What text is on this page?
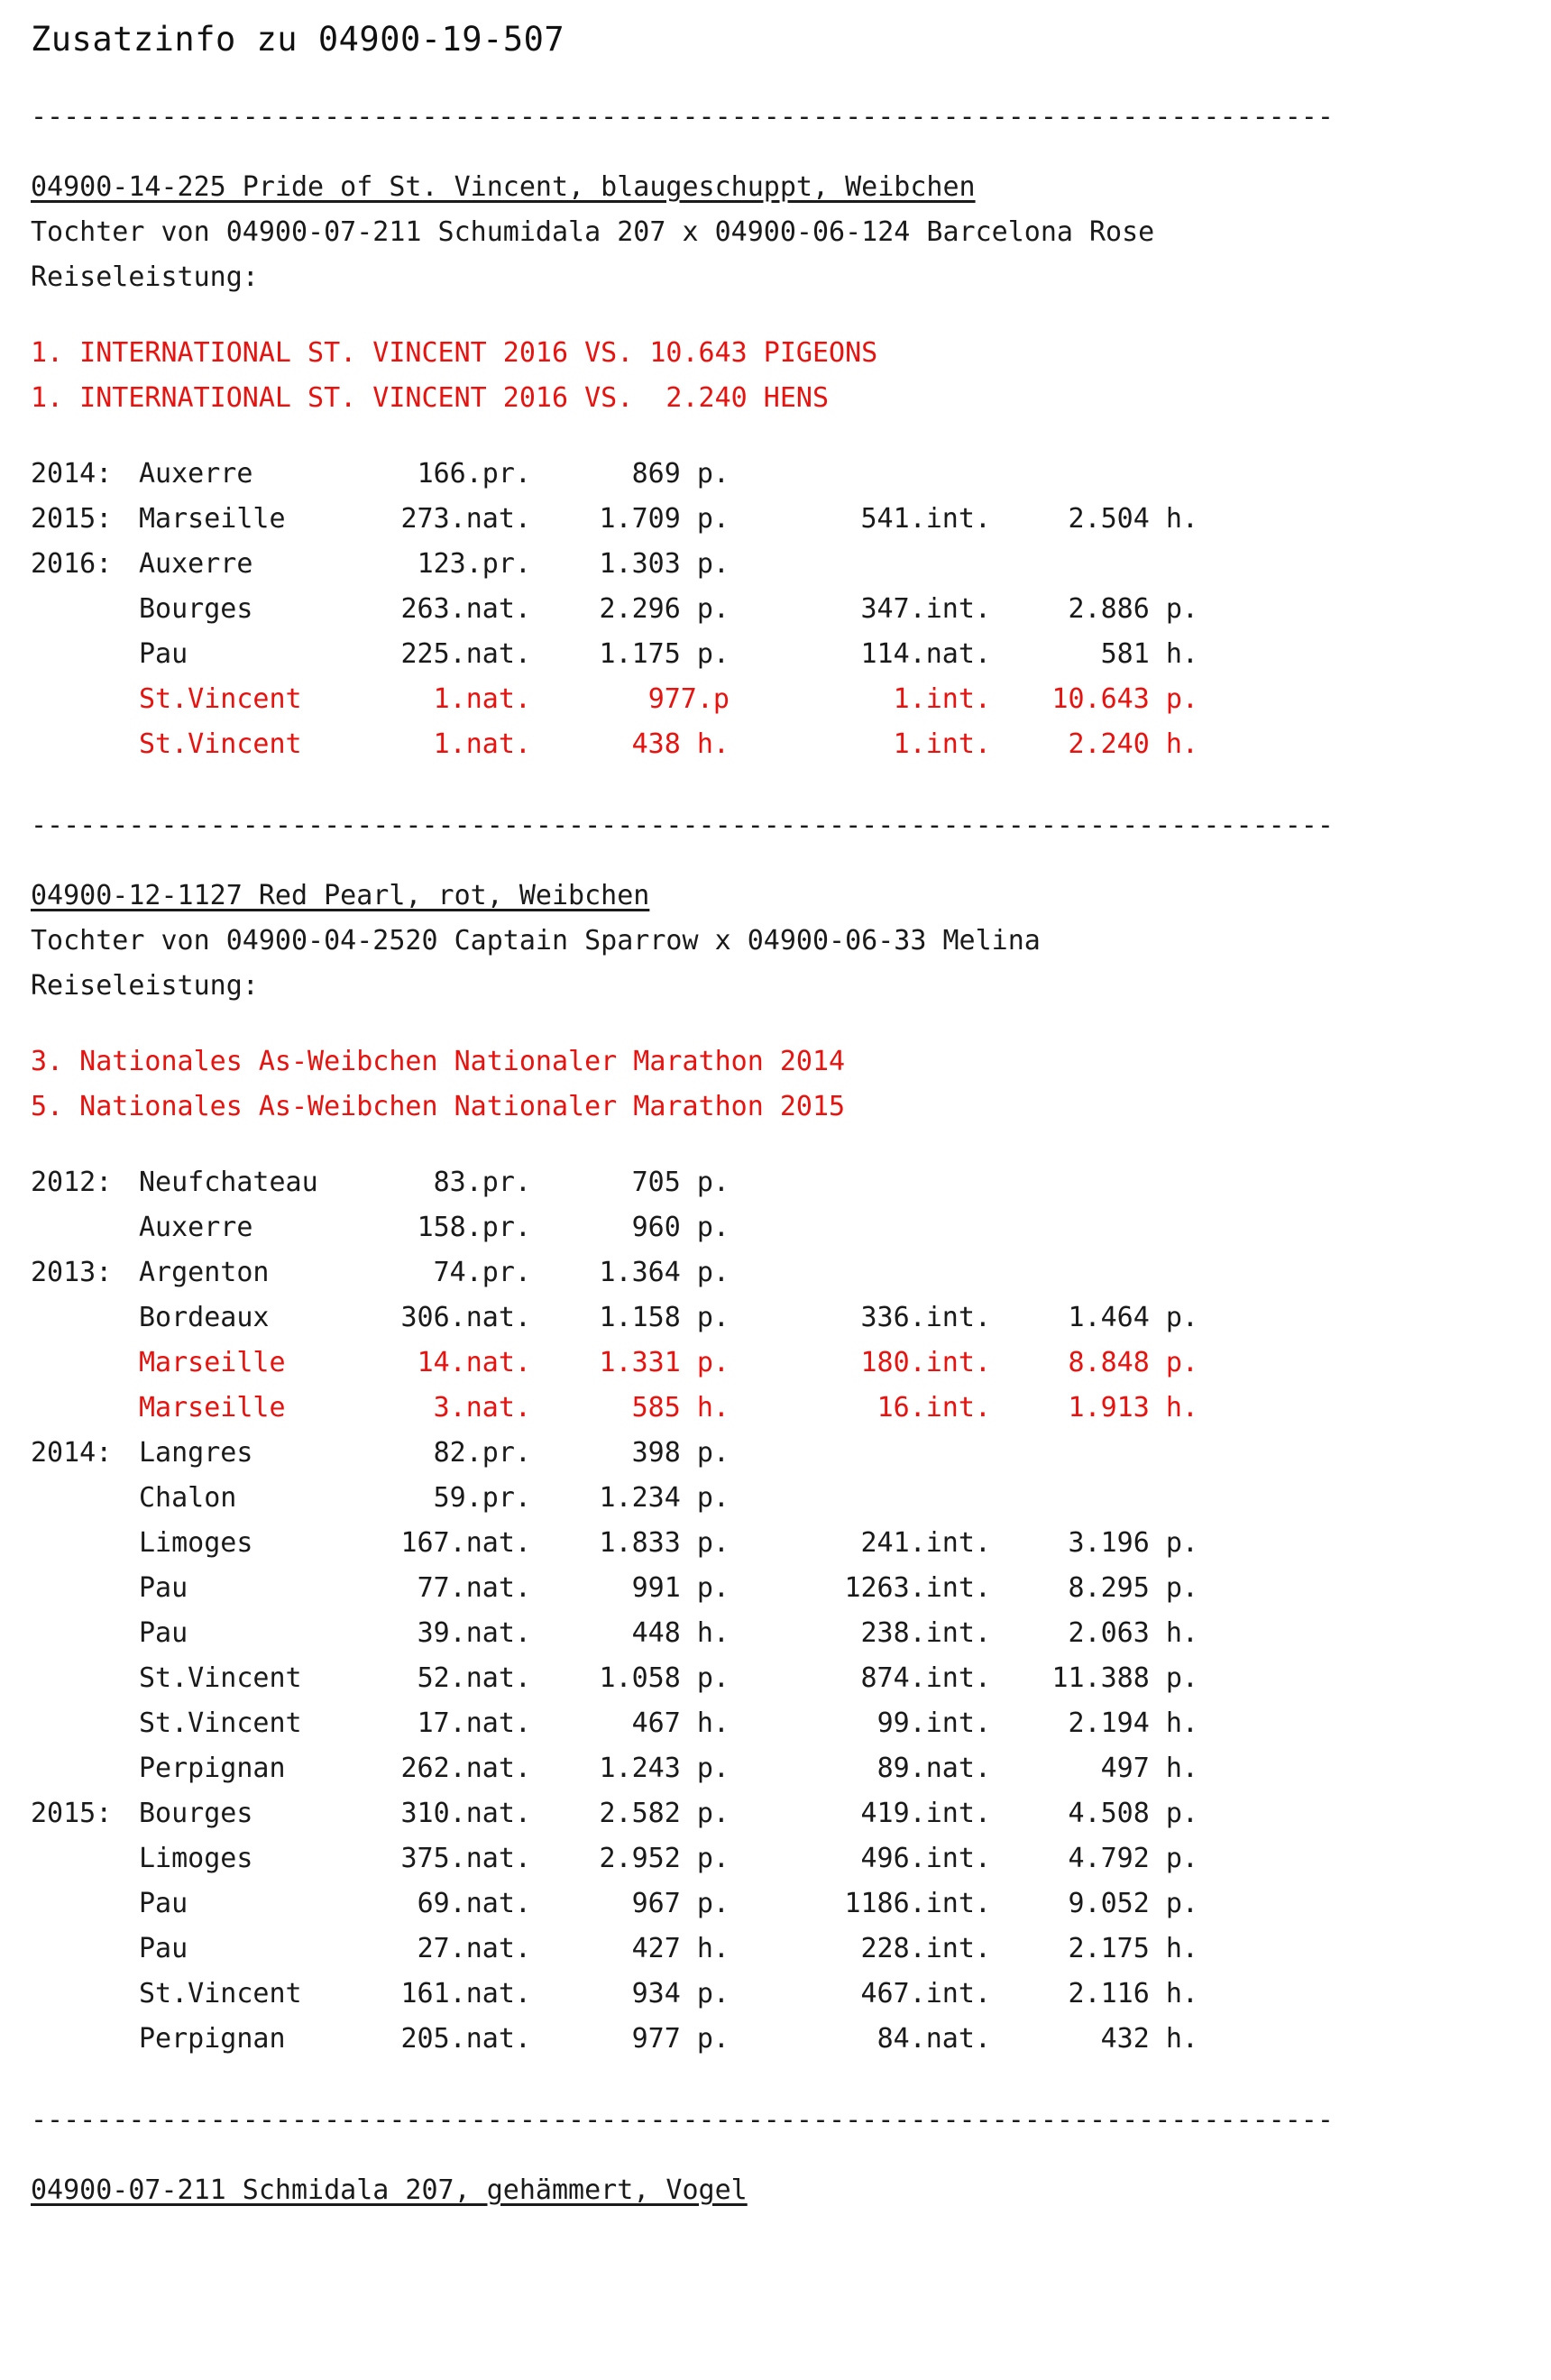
Zusatzinfo zu 04900-19-507
--------------------------------------------------------------------------------
04900-14-225 Pride of St. Vincent, blaugeschuppt, Weibchen
Tochter von 04900-07-211 Schumidala 207 x 04900-06-124 Barcelona Rose
Reiseleistung:
1. INTERNATIONAL ST. VINCENT 2016 VS. 10.643 PIGEONS
1. INTERNATIONAL ST. VINCENT 2016 VS.  2.240 HENS
2014:	Auxerre	166.pr.	869 p.			
2015:	Marseille	273.nat.	1.709 p.		541.int.	2.504 h.
2016:	Auxerre	123.pr.	1.303 p.			
	Bourges	263.nat.	2.296 p.		347.int.	2.886 p.
	Pau	225.nat.	1.175 p.		114.nat.	581 h.
	St.Vincent	1.nat.	977.p		1.int.	10.643 p.
	St.Vincent	1.nat.	438 h.		1.int.	2.240 h.
--------------------------------------------------------------------------------
04900-12-1127 Red Pearl, rot, Weibchen
Tochter von 04900-04-2520 Captain Sparrow x 04900-06-33 Melina
Reiseleistung:
3. Nationales As-Weibchen Nationaler Marathon 2014
5. Nationales As-Weibchen Nationaler Marathon 2015
2012:	Neufchateau	83.pr.	705 p.			
	Auxerre	158.pr.	960 p.			
2013:	Argenton	74.pr.	1.364 p.			
	Bordeaux	306.nat.	1.158 p.		336.int.	1.464 p.
	Marseille	14.nat.	1.331 p.		180.int.	8.848 p.
	Marseille	3.nat.	585 h.		16.int.	1.913 h.
2014:	Langres	82.pr.	398 p.			
	Chalon	59.pr.	1.234 p.			
	Limoges	167.nat.	1.833 p.		241.int.	3.196 p.
	Pau	77.nat.	991 p.		1263.int.	8.295 p.
	Pau	39.nat.	448 h.		238.int.	2.063 h.
	St.Vincent	52.nat.	1.058 p.		874.int.	11.388 p.
	St.Vincent	17.nat.	467 h.		99.int.	2.194 h.
	Perpignan	262.nat.	1.243 p.		89.nat.	497 h.
2015:	Bourges	310.nat.	2.582 p.		419.int.	4.508 p.
	Limoges	375.nat.	2.952 p.		496.int.	4.792 p.
	Pau	69.nat.	967 p.		1186.int.	9.052 p.
	Pau	27.nat.	427 h.		228.int.	2.175 h.
	St.Vincent	161.nat.	934 p.		467.int.	2.116 h.
	Perpignan	205.nat.	977 p.		84.nat.	432 h.
--------------------------------------------------------------------------------
04900-07-211 Schmidala 207, gehämmert, Vogel
